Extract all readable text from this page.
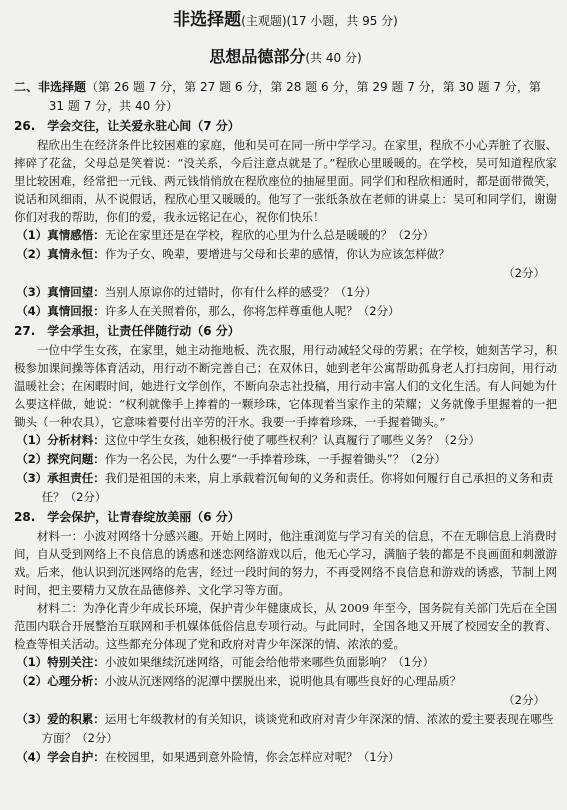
非选择题(主观题)(17 小题，共 95 分)
思想品德部分(共 40 分)
二、非选择题（第 26 题 7 分，第 27 题 6 分，第 28 题 6 分，第 29 题 7 分，第 30 题 7 分，第 31 题 7 分，共 40 分）
26.　学会交往，让关爱永驻心间（7 分）

程欣出生在经济条件比较困难的家庭，他和吴可在同一所中学学习。在家里，程欣不小心弄脏了衣服、摔碎了花盆，父母总是笑着说：“没关系，今后注意点就是了。”程欣心里暖暖的。在学校，吴可知道程欣家里比较困难，经常把一元钱、两元钱悄悄放在程欣座位的抽屉里面。同学们和程欣相通时，都是面带微笑，说话和风细雨，从不说假话，程欣心里又暖暖的。他写了一张纸条放在老师的讲桌上：吴可和同学们，谢谢你们对我的帮助，你们的爱，我永远铭记在心，祝你们快乐！

（1）真情感悟：无论在家里还是在学校，程欣的心里为什么总是暖暖的？（2分）
（2）真情永恒：作为子女、晚辈，要增进与父母和长辈的感情，你认为应该怎样做？
（2分）
（3）真情回望：当别人原谅你的过错时，你有什么样的感受？（1分）
（4）真情回报：许多人在关照着你，那么，你将怎样尊重他人呢？（2分）
27.　学会承担，让责任伴随行动（6 分）

一位中学生女孩，在家里，她主动拖地板、洗衣服，用行动减轻父母的劳累；在学校，她刻苦学习，积极参加课间操等体育活动，用行动不断完善自己；在双休日，她到老年公寓帮助孤身老人打扫房间，用行动温暖社会；在闲暇时间，她进行文学创作，不断向杂志社投稿，用行动丰富人们的文化生活。有人问她为什么要这样做，她说：“权利就像手上捧着的一颗珍珠，它体现着当家作主的荣耀；义务就像手里握着的一把锄头（一种农具），它意味着要付出辛劳的汗水。我要一手捧着珍珠，一手握着锄头。”

（1）分析材料：这位中学生女孩，她积极行使了哪些权利？认真履行了哪些义务？（2分）
（2）探究问题：作为一名公民，为什么要“一手捧着珍珠，一手握着锄头”？（2分）
（3）承担责任：我们是祖国的未来，肩上承载着沉甸甸的义务和责任。你将如何履行自己承担的义务和责任？（2分）
28.　学会保护，让青春绽放美丽（6 分）

材料一：小波对网络十分感兴趣。开始上网时，他注重浏览与学习有关的信息，不在无聊信息上消费时间，自从受到网络上不良信息的诱惑和迷恋网络游戏以后，他无心学习，满脑子装的都是不良画面和刺激游戏。后来，他认识到沉迷网络的危害，经过一段时间的努力，不再受网络不良信息和游戏的诱惑，节制上网时间，把主要精力又放在品德修养、文化学习等方面。

材料二：为净化青少年成长环境，保护青少年健康成长，从 2009 年至今，国务院有关部门先后在全国范围内联合开展整治互联网和手机媒体低俗信息专项行动。与此同时，全国各地又开展了校园安全的教育、检查等相关活动。这些都充分体现了党和政府对青少年深深的情、浓浓的爱。

（1）特别关注：小波如果继续沉迷网络，可能会给他带来哪些负面影响？（1分）
（2）心理分析：小波从沉迷网络的泥潭中摆脱出来，说明他具有哪些良好的心理品质？
（2分）
（3）爱的积累：运用七年级教材的有关知识，谈谈党和政府对青少年深深的情、浓浓的爱主要表现在哪些方面？（2分）
（4）学会自护：在校园里，如果遇到意外险情，你会怎样应对呢？（1分）
